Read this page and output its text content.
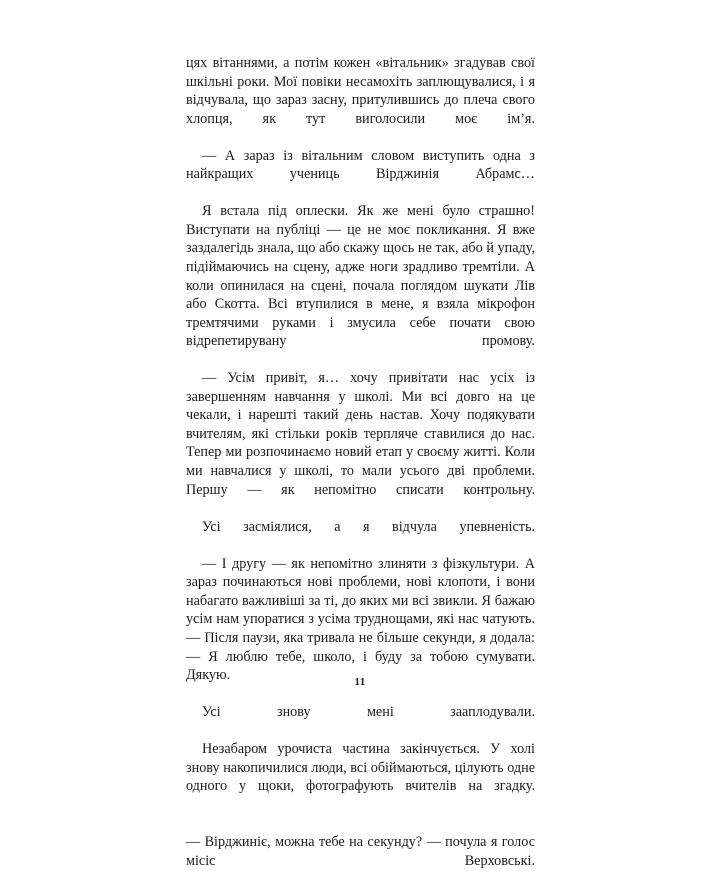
цях вітаннями, а потім кожен «вітальник» згадував свої шкільні роки. Мої повіки несамохіть заплющувалися, і я відчувала, що зараз засну, притулившись до плеча свого хлопця, як тут виголосили моє ім’я.

— А зараз із вітальним словом виступить одна з найкращих учениць Вірджинія Абрамс…

Я встала під оплески. Як же мені було страшно! Виступати на публіці — це не моє покликання. Я вже заздалегідь знала, що або скажу щось не так, або й упаду, підіймаючись на сцену, адже ноги зрадливо тремтіли. А коли опинилася на сцені, почала поглядом шукати Лів або Скотта. Всі втупилися в мене, я взяла мікрофон тремтячими руками і змусила себе почати свою відрепетирувану промову.

— Усім привіт, я… хочу привітати нас усіх із завершенням навчання у школі. Ми всі довго на це чекали, і нарешті такий день настав. Хочу подякувати вчителям, які стільки років терпляче ставилися до нас. Тепер ми розпочинаємо новий етап у своєму житті. Коли ми навчалися у школі, то мали усього дві проблеми. Першу — як непомітно списати контрольну.

Усі засміялися, а я відчула упевненість.

— І другу — як непомітно злиняти з фізкультури. А зараз починаються нові проблеми, нові клопоти, і вони набагато важливіші за ті, до яких ми всі звикли. Я бажаю усім нам упоратися з усіма труднощами, які нас чатують. — Після паузи, яка тривала не більше секунди, я додала: — Я люблю тебе, школо, і буду за тобою сумувати. Дякую.

Усі знову мені зааплодували.

Незабаром урочиста частина закінчується. У холі знову накопичилися люди, всі обіймаються, цілують одне одного у щоки, фотографують вчителів на згадку.

— Вірджиніє, можна тебе на секунду? — почула я голос місіс Верховські.

11
